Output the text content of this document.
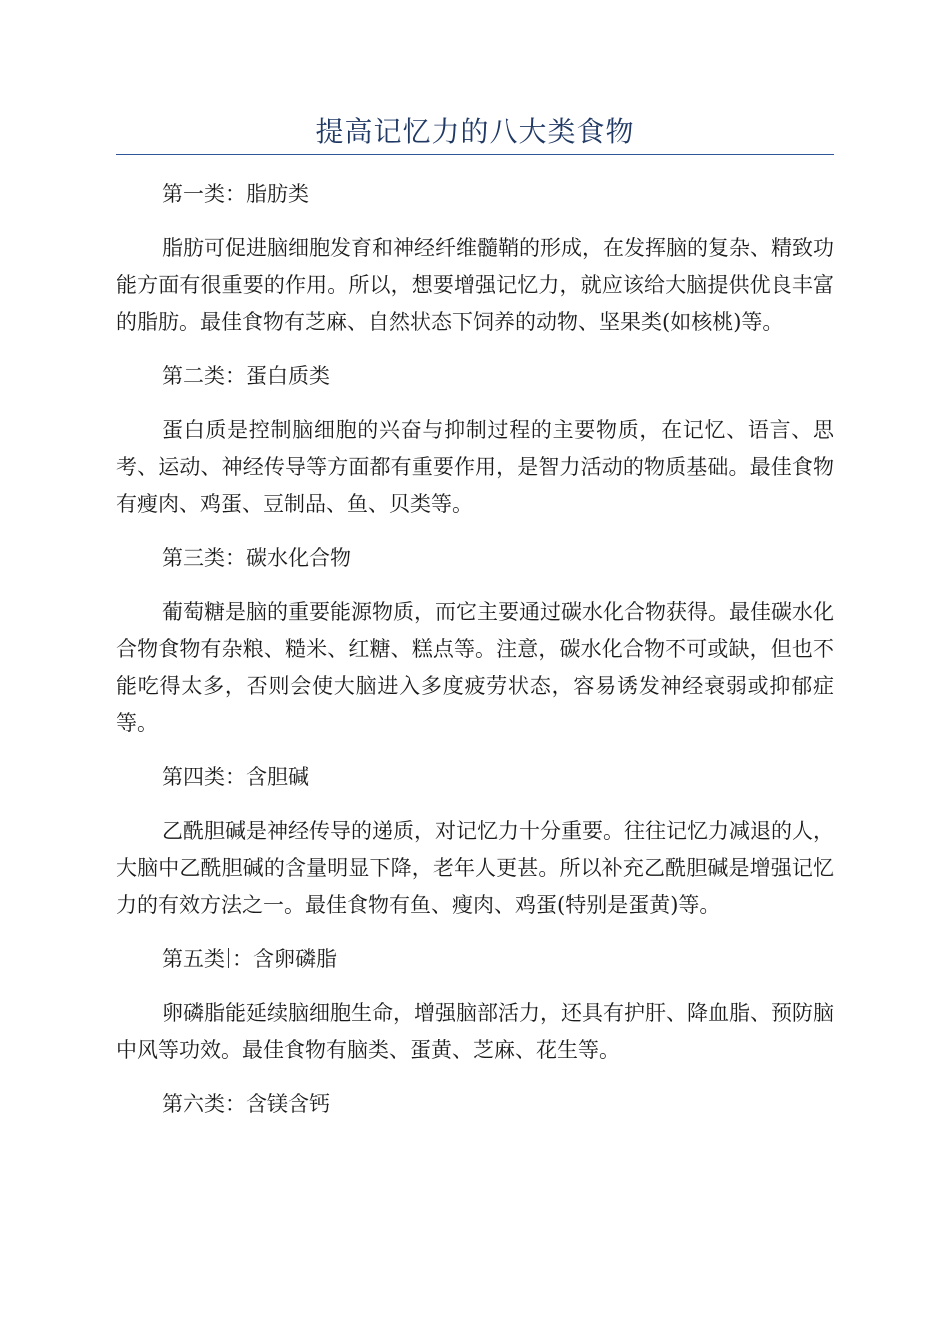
提高记忆力的八大类食物

第一类：脂肪类

脂肪可促进脑细胞发育和神经纤维髓鞘的形成，在发挥脑的复杂、精致功能方面有很重要的作用。所以，想要增强记忆力，就应该给大脑提供优良丰富的脂肪。最佳食物有芝麻、自然状态下饲养的动物、坚果类(如核桃)等。

第二类：蛋白质类

蛋白质是控制脑细胞的兴奋与抑制过程的主要物质，在记忆、语言、思考、运动、神经传导等方面都有重要作用，是智力活动的物质基础。最佳食物有瘦肉、鸡蛋、豆制品、鱼、贝类等。

第三类：碳水化合物

葡萄糖是脑的重要能源物质，而它主要通过碳水化合物获得。最佳碳水化合物食物有杂粮、糙米、红糖、糕点等。注意，碳水化合物不可或缺，但也不能吃得太多，否则会使大脑进入多度疲劳状态，容易诱发神经衰弱或抑郁症等。

第四类：含胆碱

乙酰胆碱是神经传导的递质，对记忆力十分重要。往往记忆力减退的人，大脑中乙酰胆碱的含量明显下降，老年人更甚。所以补充乙酰胆碱是增强记忆力的有效方法之一。最佳食物有鱼、瘦肉、鸡蛋(特别是蛋黄)等。

第五类 ：含卵磷脂

卵磷脂能延续脑细胞生命，增强脑部活力，还具有护肝、降血脂、预防脑中风等功效。最佳食物有脑类、蛋黄、芝麻、花生等。

第六类：含镁含钙
